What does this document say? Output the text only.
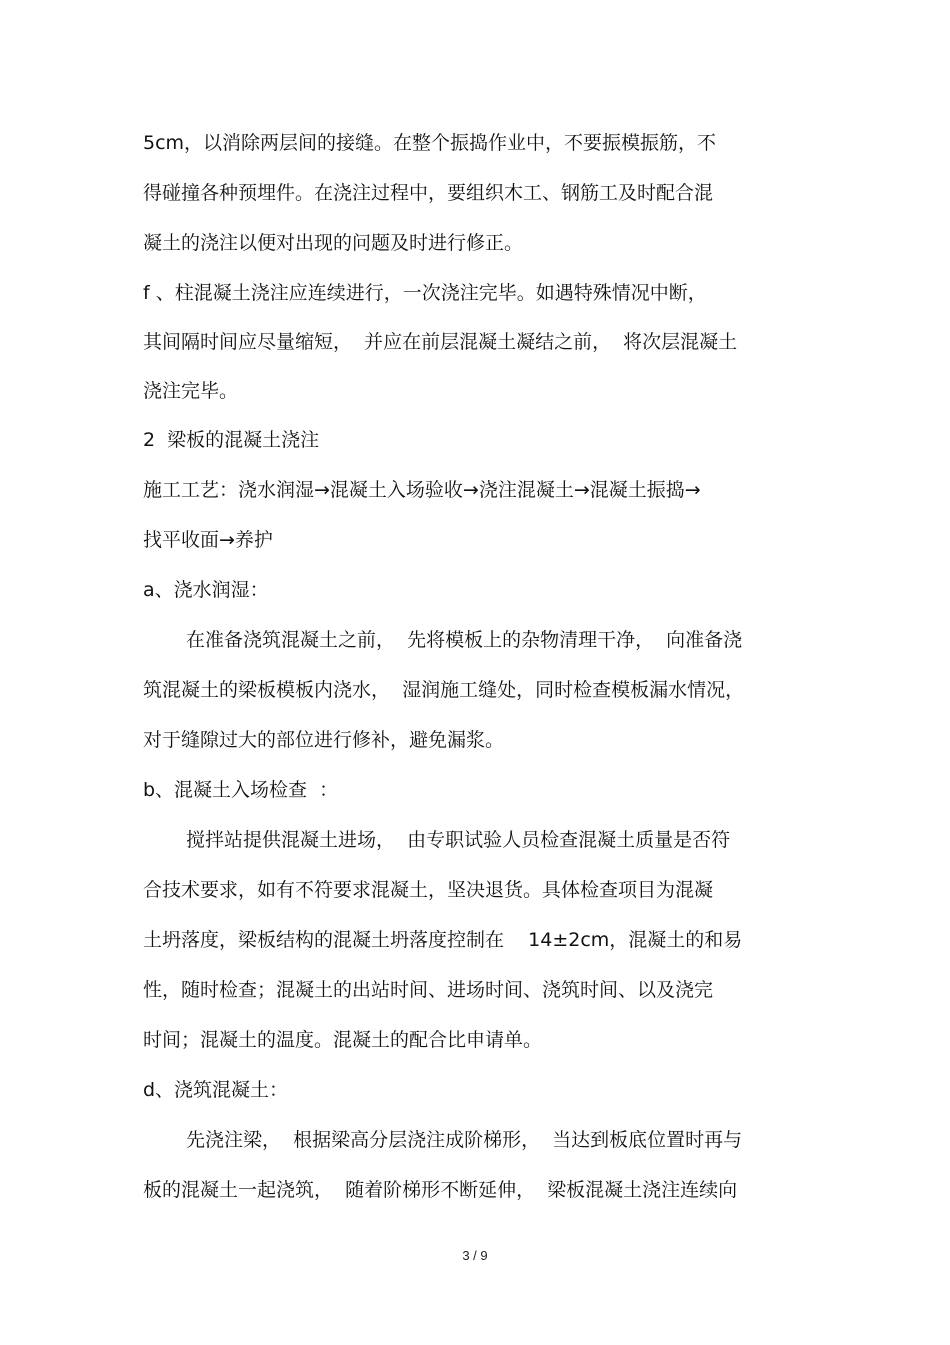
5cm，以消除两层间的接缝。在整个振捣作业中，不要振模振筋，不
得碰撞各种预埋件。在浇注过程中，要组织木工、钢筋工及时配合混
凝土的浇注以便对出现的问题及时进行修正。
f 、柱混凝土浇注应连续进行，一次浇注完毕。如遇特殊情况中断，
其间隔时间应尽量缩短，  并应在前层混凝土凝结之前，  将次层混凝土
浇注完毕。
2  梁板的混凝土浇注
施工工艺：浇水润湿→混凝土入场验收→浇注混凝土→混凝土振捣→
找平收面→养护
a、浇水润湿：
在准备浇筑混凝土之前，  先将模板上的杂物清理干净，  向准备浇
筑混凝土的梁板模板内浇水，  湿润施工缝处，同时检查模板漏水情况，
对于缝隙过大的部位进行修补，避免漏浆。
b、混凝土入场检查  ：
搅拌站提供混凝土进场，  由专职试验人员检查混凝土质量是否符
合技术要求，如有不符要求混凝土，坚决退货。具体检查项目为混凝
土坍落度，梁板结构的混凝土坍落度控制在    14±2cm，混凝土的和易
性，随时检查；混凝土的出站时间、进场时间、浇筑时间、以及浇完
时间；混凝土的温度。混凝土的配合比申请单。
d、浇筑混凝土：
先浇注梁，  根据梁高分层浇注成阶梯形，  当达到板底位置时再与
板的混凝土一起浇筑，  随着阶梯形不断延伸，  梁板混凝土浇注连续向
3 / 9
